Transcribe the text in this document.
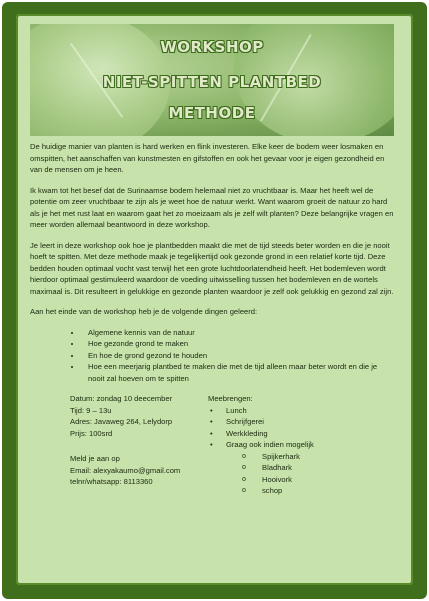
WORKSHOP
NIET-SPITTEN PLANTBED
METHODE

De huidige manier van planten is hard werken en flink investeren. Elke keer de bodem weer losmaken en omspitten, het aanschaffen van kunstmesten en gifstoffen en ook het gevaar voor je eigen gezondheid en van de mensen om je heen.

Ik kwam tot het besef dat de Surinaamse bodem helemaal niet zo vruchtbaar is. Maar het heeft wel de potentie om zeer vruchtbaar te zijn als je weet hoe de natuur werkt. Want waarom groeit de natuur zo hard als je het met rust laat en waarom gaat het zo moeizaam als je zelf wilt planten? Deze belangrijke vragen en meer worden allemaal beantwoord in deze workshop.

Je leert in deze workshop ook hoe je plantbedden maakt die met de tijd steeds beter worden en die je nooit hoeft te spitten. Met deze methode maak je tegelijkertijd ook gezonde grond in een relatief korte tijd. Deze bedden houden optimaal vocht vast terwijl het een grote luchtdoorlatendheid heeft. Het bodemleven wordt hierdoor optimaal gestimuleerd waardoor de voeding uitwisselling tussen het bodemleven en de wortels maximaal is. Dit resulteert in gelukkige en gezonde planten waardoor je zelf ook gelukkig en gezond zal zijn.

Aan het einde van de workshop heb je de volgende dingen geleerd:

• Algemene kennis van de natuur
• Hoe gezonde grond te maken
• En hoe de grond gezond te houden
• Hoe een meerjarig plantbed te maken die met de tijd alleen maar beter wordt en die je nooit zal hoeven om te spitten
Datum: zondag 10 deecember
Tijd: 9 – 13u
Adres: Javaweg 264, Lelydorp
Prijs: 100srd
Meld je aan op
Email: alexyakaumo@gmail.com
telnr/whatsapp: 8113360
Meebrengen:
• Lunch
• Schrijfgerei
• Werkkleding
• Graag ook indien mogelijk
o Spijkerhark
o Bladhark
o Hooivork
o schop
